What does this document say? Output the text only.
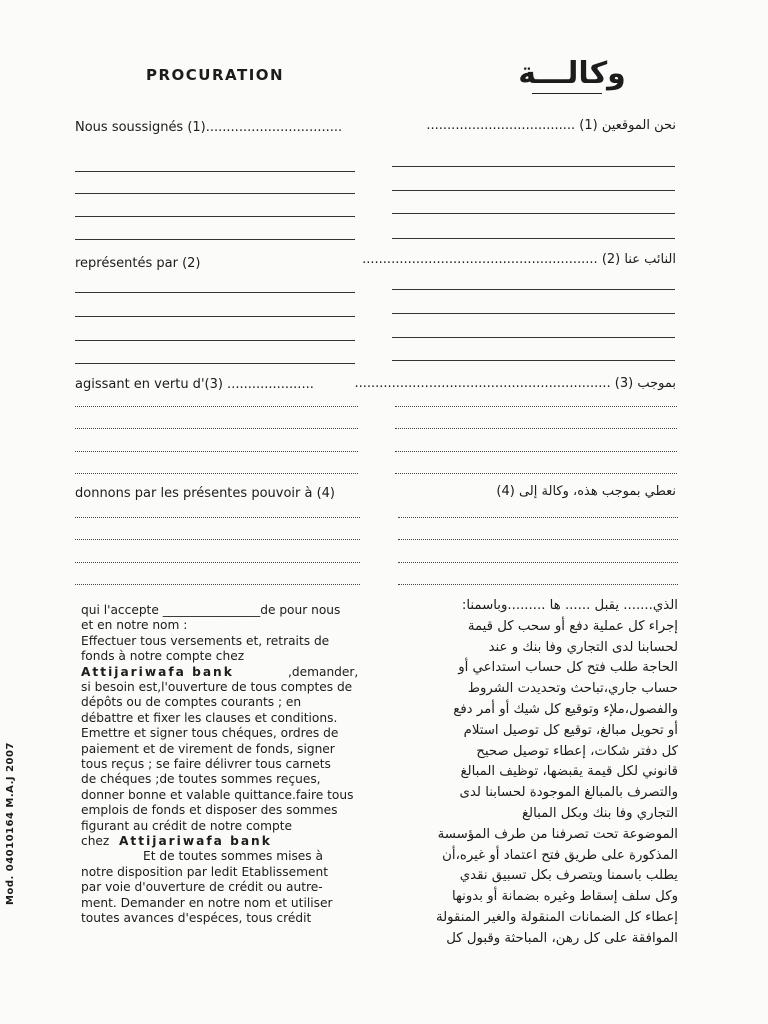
PROCURATION	وكالـــة
Nous soussignés (1).................................
représentés par (2)
agissant en vertu d'(3) .....................
donnons par les présentes pouvoir à (4)
نحن الموقعين (1) ....................................
النائب عنا (2) .........................................................
بموجب (3) ..............................................................
نعطي بموجب هذه، وكالة إلى (4)
qui l'accepte ________________de pour nous
et en notre nom :
Effectuer tous versements et, retraits de
fonds à notre compte chez
Attijariwafa bank	,demander,
si besoin est,l'ouverture de tous comptes de
dépôts ou de comptes courants ; en
débattre et fixer les clauses et conditions.
Emettre et signer tous chéques, ordres de
paiement et de virement de fonds, signer
tous reçus ; se faire délivrer tous carnets
de chéques ;de toutes sommes reçues,
donner bonne et valable quittance.faire tous
emplois de fonds et disposer des sommes
figurant au crédit de notre compte
chez Attijariwafa bank
Et de toutes sommes mises à
notre disposition par ledit Etablissement
par voie d'ouverture de crédit ou autre-
ment. Demander en notre nom et utiliser
toutes avances d'espéces, tous crédit
الذي....... يقبل ...... ها .........وباسمنا:
إجراء كل عملية دفع أو سحب كل قيمة
لحسابنا لدى التجاري وفا بنك و عند
الحاجة طلب فتح كل حساب استداعي أو
حساب جاري،تباحث وتحديدت الشروط
والفصول،ملإء وتوقيع كل شيك أو أمر دفع
أو تحويل مبالغ، توقيع كل توصيل استلام
كل دفتر شكات، إعطاء توصيل صحيح
قانوني لكل قيمة يقبضها، توظيف المبالغ
والتصرف بالمبالغ الموجودة لحسابنا لدى
التجاري وفا بنك وبكل المبالغ
الموضوعة تحت تصرفنا من طرف المؤسسة
المذكورة على طريق فتح اعتماد أو غيره،أن
يطلب باسمنا ويتصرف بكل تسبيق نقدي
وكل سلف إسقاط وغيره بضمانة أو بدونها
إعطاء كل الضمانات المنقولة والغير المنقولة
الموافقة على كل رهن، المباحثة وقبول كل
Mod. 04010164 M.A.J 2007
